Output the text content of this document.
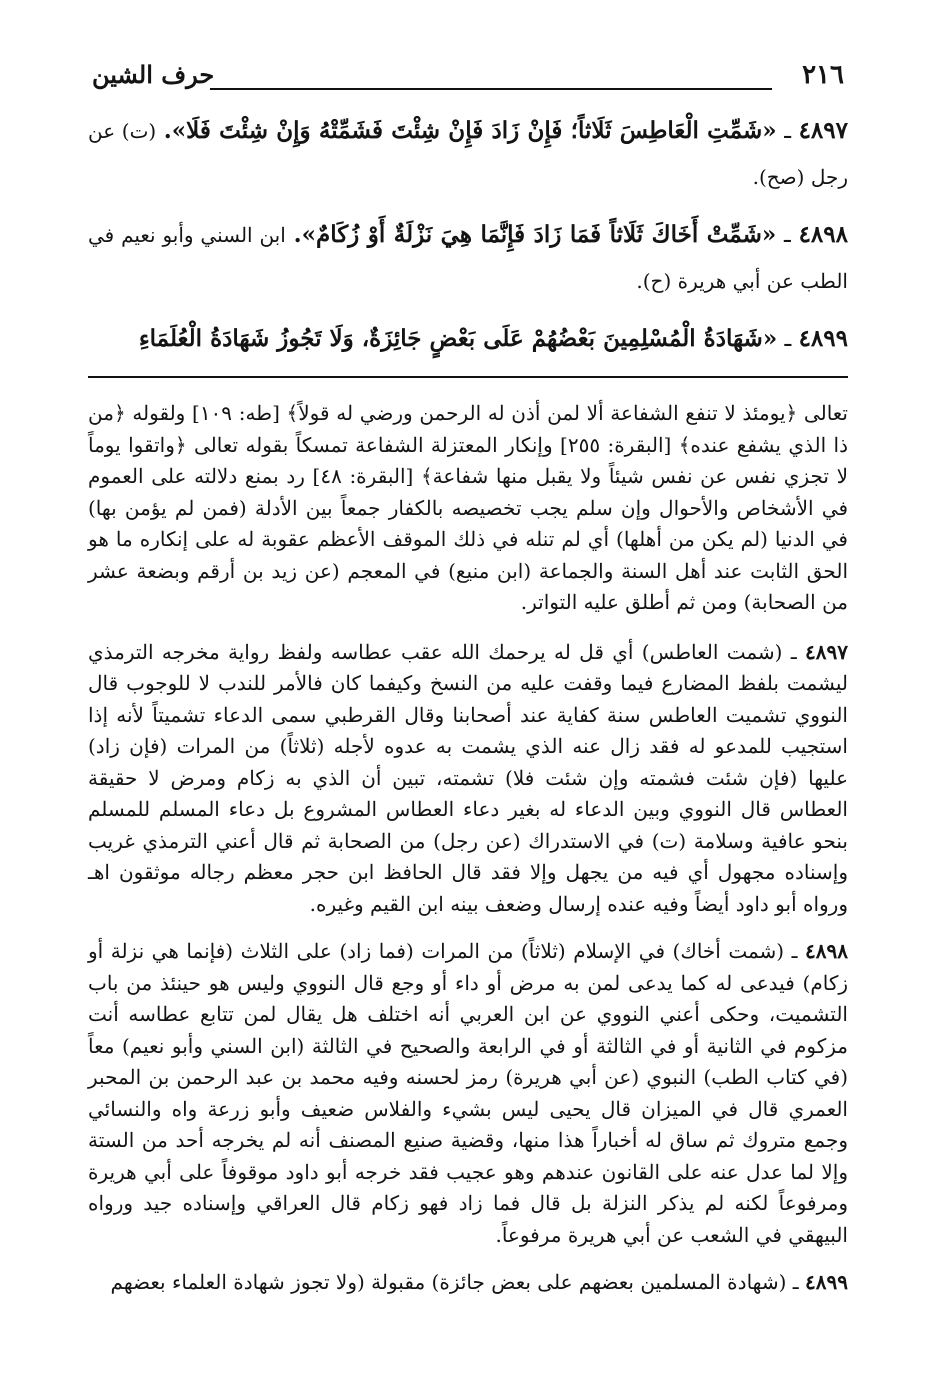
٢١٦
حرف الشين

٤٨٩٧ ـ «شَمِّتِ الْعَاطِسَ ثَلَاثاً؛ فَإِنْ زَادَ فَإِنْ شِئْتَ فَشَمِّتْهُ وَإِنْ شِئْتَ فَلَا». (ت) عن رجل (صح).

٤٨٩٨ ـ «شَمِّتْ أَخَاكَ ثَلَاثاً فَمَا زَادَ فَإِنَّمَا هِيَ نَزْلَةٌ أَوْ زُكَامٌ». ابن السني وأبو نعيم في الطب عن أبي هريرة (ح).

٤٨٩٩ ـ «شَهَادَةُ الْمُسْلِمِينَ بَعْضُهُمْ عَلَى بَعْضٍ جَائِزَةٌ، وَلَا تَجُوزُ شَهَادَةُ الْعُلَمَاءِ

تعالى ﴿يومئذ لا تنفع الشفاعة ألا لمن أذن له الرحمن ورضي له قولاً﴾ [طه: ١٠٩] ولقوله ﴿من ذا الذي يشفع عنده﴾ [البقرة: ٢٥٥] وإنكار المعتزلة الشفاعة تمسكاً بقوله تعالى ﴿واتقوا يوماً لا تجزي نفس عن نفس شيئاً ولا يقبل منها شفاعة﴾ [البقرة: ٤٨] رد بمنع دلالته على العموم في الأشخاص والأحوال وإن سلم يجب تخصيصه بالكفار جمعاً بين الأدلة (فمن لم يؤمن بها) في الدنيا (لم يكن من أهلها) أي لم تنله في ذلك الموقف الأعظم عقوبة له على إنكاره ما هو الحق الثابت عند أهل السنة والجماعة (ابن منيع) في المعجم (عن زيد بن أرقم وبضعة عشر من الصحابة) ومن ثم أطلق عليه التواتر.

٤٨٩٧ ـ (شمت العاطس) أي قل له يرحمك الله عقب عطاسه ولفظ رواية مخرجه الترمذي ليشمت بلفظ المضارع فيما وقفت عليه من النسخ وكيفما كان فالأمر للندب لا للوجوب قال النووي تشميت العاطس سنة كفاية عند أصحابنا وقال القرطبي سمى الدعاء تشميتاً لأنه إذا استجيب للمدعو له فقد زال عنه الذي يشمت به عدوه لأجله (ثلاثاً) من المرات (فإن زاد) عليها (فإن شئت فشمته وإن شئت فلا) تشمته، تبين أن الذي به زكام ومرض لا حقيقة العطاس قال النووي وبين الدعاء له بغير دعاء العطاس المشروع بل دعاء المسلم للمسلم بنحو عافية وسلامة (ت) في الاستدراك (عن رجل) من الصحابة ثم قال أعني الترمذي غريب وإسناده مجهول أي فيه من يجهل وإلا فقد قال الحافظ ابن حجر معظم رجاله موثقون اهـ ورواه أبو داود أيضاً وفيه عنده إرسال وضعف بينه ابن القيم وغيره.

٤٨٩٨ ـ (شمت أخاك) في الإسلام (ثلاثاً) من المرات (فما زاد) على الثلاث (فإنما هي نزلة أو زكام) فيدعى له كما يدعى لمن به مرض أو داء أو وجع قال النووي وليس هو حينئذ من باب التشميت، وحكى أعني النووي عن ابن العربي أنه اختلف هل يقال لمن تتابع عطاسه أنت مزكوم في الثانية أو في الثالثة أو في الرابعة والصحيح في الثالثة (ابن السني وأبو نعيم) معاً (في كتاب الطب) النبوي (عن أبي هريرة) رمز لحسنه وفيه محمد بن عبد الرحمن بن المحبر العمري قال في الميزان قال يحيى ليس بشيء والفلاس ضعيف وأبو زرعة واه والنسائي وجمع متروك ثم ساق له أخباراً هذا منها، وقضية صنيع المصنف أنه لم يخرجه أحد من الستة وإلا لما عدل عنه على القانون عندهم وهو عجيب فقد خرجه أبو داود موقوفاً على أبي هريرة ومرفوعاً لكنه لم يذكر النزلة بل قال فما زاد فهو زكام قال العراقي وإسناده جيد ورواه البيهقي في الشعب عن أبي هريرة مرفوعاً.

٤٨٩٩ ـ (شهادة المسلمين بعضهم على بعض جائزة) مقبولة (ولا تجوز شهادة العلماء بعضهم
